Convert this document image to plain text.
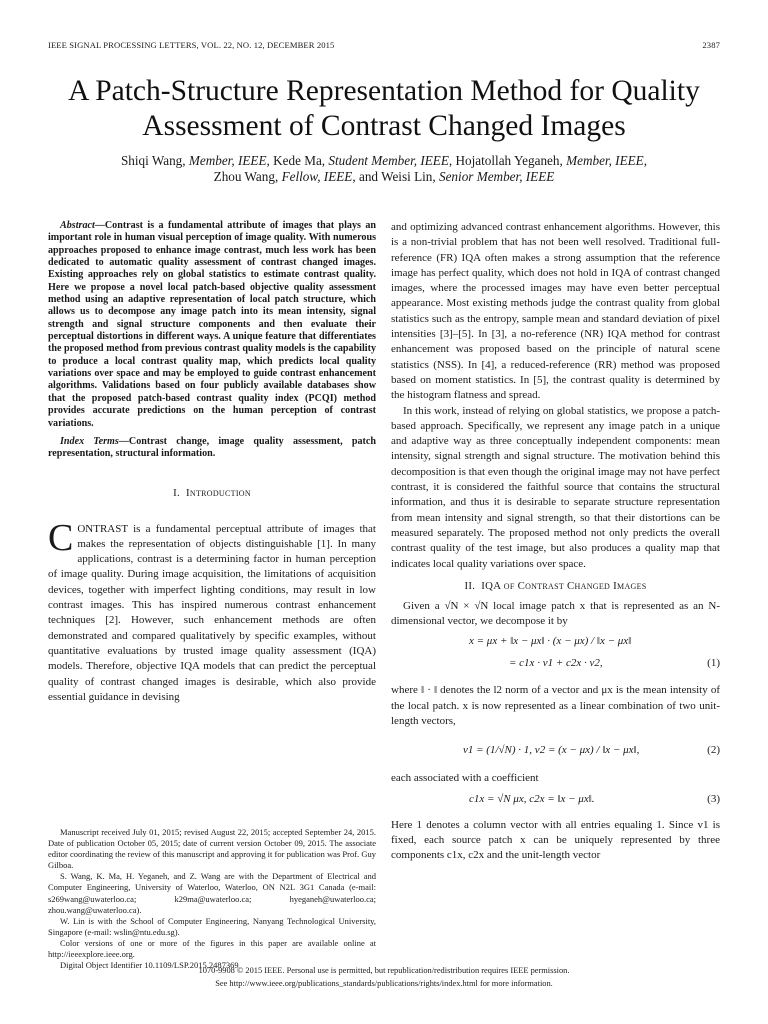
IEEE SIGNAL PROCESSING LETTERS, VOL. 22, NO. 12, DECEMBER 2015	2387
A Patch-Structure Representation Method for Quality
Assessment of Contrast Changed Images
Shiqi Wang, Member, IEEE, Kede Ma, Student Member, IEEE, Hojatollah Yeganeh, Member, IEEE,
Zhou Wang, Fellow, IEEE, and Weisi Lin, Senior Member, IEEE

Abstract—Contrast is a fundamental attribute of images that plays an important role in human visual perception of image quality. With numerous approaches proposed to enhance image contrast, much less work has been dedicated to automatic quality assessment of contrast changed images. Existing approaches rely on global statistics to estimate contrast quality. Here we propose a novel local patch-based objective quality assessment method using an adaptive representation of local patch structure, which allows us to decompose any image patch into its mean intensity, signal strength and signal structure components and then evaluate their perceptual distortions in different ways. A unique feature that differentiates the proposed method from previous contrast quality models is the capability to produce a local contrast quality map, which predicts local quality variations over space and may be employed to guide contrast enhancement algorithms. Validations based on four publicly available databases show that the proposed patch-based contrast quality index (PCQI) method provides accurate predictions on the human perception of contrast variations.

Index Terms—Contrast change, image quality assessment, patch representation, structural information.

I. Introduction

CONTRAST is a fundamental perceptual attribute of images that makes the representation of objects distinguishable [1]. In many applications, contrast is a determining factor in human perception of image quality. During image acquisition, the limitations of acquisition devices, together with imperfect lighting conditions, may result in low contrast images. This has inspired numerous contrast enhancement techniques [2]. However, such enhancement methods are often demonstrated and compared qualitatively by specific examples, without quantitative evaluations by trusted image quality assessment (IQA) models. Therefore, objective IQA models that can predict the perceptual quality of contrast changed images is desirable, which also provide essential guidance in devising

Manuscript received July 01, 2015; revised August 22, 2015; accepted September 24, 2015. Date of publication October 05, 2015; date of current version October 09, 2015. The associate editor coordinating the review of this manuscript and approving it for publication was Prof. Guy Gilboa.

S. Wang, K. Ma, H. Yeganeh, and Z. Wang are with the Department of Electrical and Computer Engineering, University of Waterloo, Waterloo, ON N2L 3G1 Canada (e-mail: s269wang@uwaterloo.ca; k29ma@uwaterloo.ca; hyeganeh@uwaterloo.ca; zhou.wang@uwaterloo.ca).

W. Lin is with the School of Computer Engineering, Nanyang Technological University, Singapore (e-mail: wslin@ntu.edu.sg).

Color versions of one or more of the figures in this paper are available online at http://ieeexplore.ieee.org.

Digital Object Identifier 10.1109/LSP.2015.2487369

and optimizing advanced contrast enhancement algorithms. However, this is a non-trivial problem that has not been well resolved. Traditional full-reference (FR) IQA often makes a strong assumption that the reference image has perfect quality, which does not hold in IQA of contrast changed images, where the processed images may have even better perceptual appearance. Most existing methods judge the contrast quality from global statistics such as the entropy, sample mean and standard deviation of pixel intensities [3]–[5]. In [3], a no-reference (NR) IQA method for contrast enhancement was proposed based on the principle of natural scene statistics (NSS). In [4], a reduced-reference (RR) method was proposed based on moment statistics. In [5], the contrast quality is determined by the histogram flatness and spread.

In this work, instead of relying on global statistics, we propose a patch-based approach. Specifically, we represent any image patch in a unique and adaptive way as three conceptually independent components: mean intensity, signal strength and signal structure. The motivation behind this decomposition is that even though the original image may not have perfect contrast, it is considered the faithful source that contains the structural information, and thus it is desirable to separate structure representation from mean intensity and signal strength, so that their distortions can be measured separately. The proposed method not only predicts the overall contrast quality of the test image, but also produces a quality map that indicates local quality variations over space.

II. IQA of Contrast Changed Images

Given a √N × √N local image patch x that is represented as an N-dimensional vector, we decompose it by

x = μx + ‖x − μx‖ · (x − μx) / ‖x − μx‖
= c1x · v1 + c2x · v2,	(1)

where ‖ · ‖ denotes the l2 norm of a vector and μx is the mean intensity of the local patch. x is now represented as a linear combination of two unit-length vectors,

v1 = (1/√N) · 1, v2 = (x − μx) / ‖x − μx‖,	(2)

each associated with a coefficient

c1x = √N μx, c2x = ‖x − μx‖.	(3)

Here 1 denotes a column vector with all entries equaling 1. Since v1 is fixed, each source patch x can be uniquely represented by three components c1x, c2x and the unit-length vector

1070-9908 © 2015 IEEE. Personal use is permitted, but republication/redistribution requires IEEE permission.
See http://www.ieee.org/publications_standards/publications/rights/index.html for more information.
